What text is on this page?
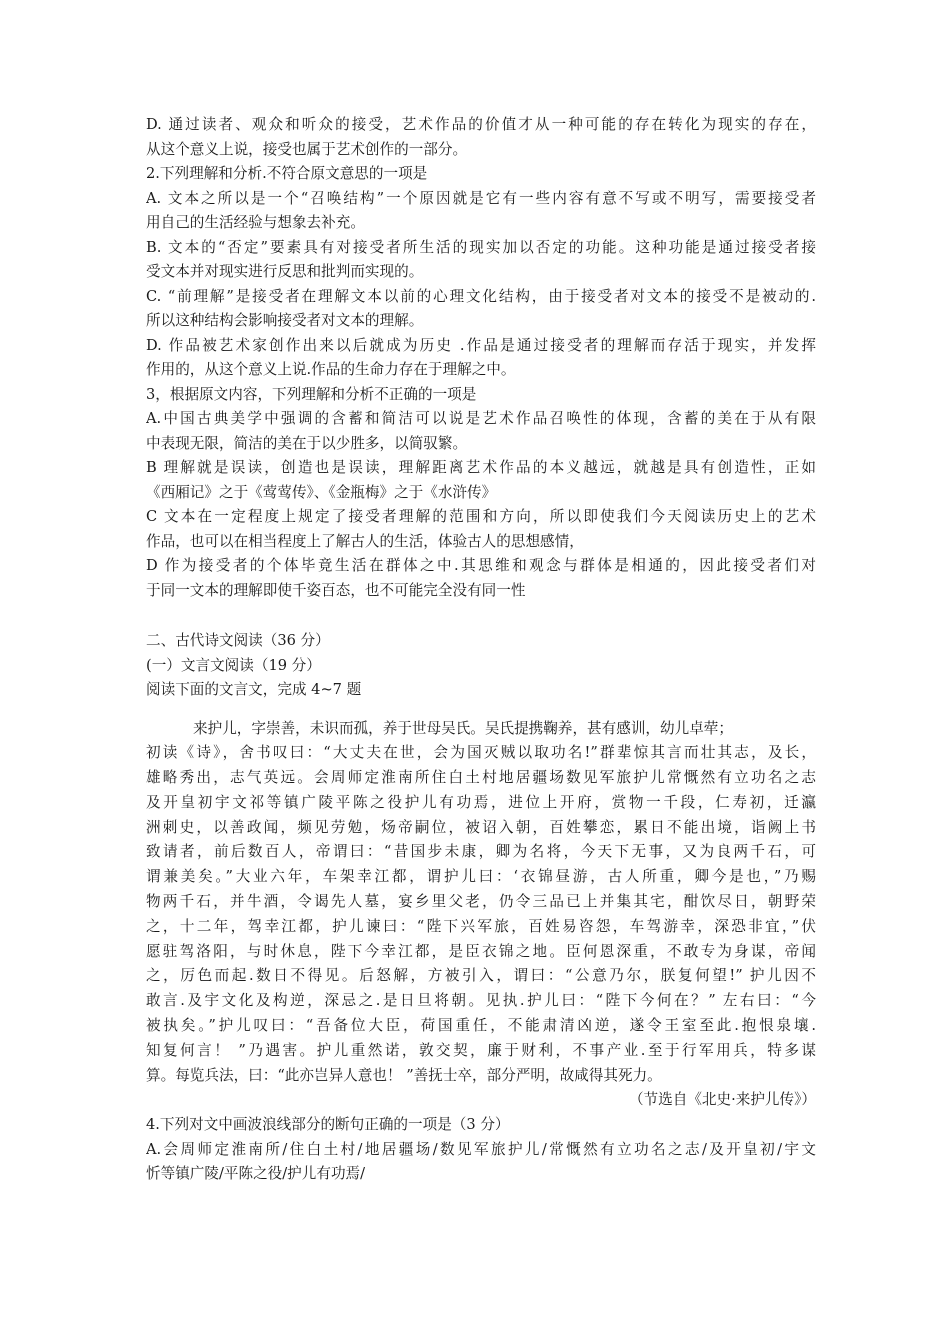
D. 通过读者、观众和听众的接受，艺术作品的价值才从一种可能的存在转化为现实的存在，
从这个意义上说，接受也属于艺术创作的一部分。
2.下列理解和分析.不符合原文意思的一项是
A. 文本之所以是一个“召唤结构”一个原因就是它有一些内容有意不写或不明写，需要接受者
用自己的生活经验与想象去补充。
B. 文本的“否定”要素具有对接受者所生活的现实加以否定的功能。这种功能是通过接受者接
受文本并对现实进行反思和批判而实现的。
C. “前理解”是接受者在理解文本以前的心理文化结构，由于接受者对文本的接受不是被动的.
所以这种结构会影响接受者对文本的理解。
D. 作品被艺术家创作出来以后就成为历史 .作品是通过接受者的理解而存活于现实，并发挥
作用的，从这个意义上说.作品的生命力存在于理解之中。
3，根据原文内容，下列理解和分析不正确的一项是
A.中国古典美学中强调的含蓄和简洁可以说是艺术作品召唤性的体现，含蓄的美在于从有限
中表现无限，简洁的美在于以少胜多，以简驭繁。
B 理解就是误读，创造也是误读，理解距离艺术作品的本义越远，就越是具有创造性，正如
《西厢记》之于《莺莺传》、《金瓶梅》之于《水浒传》
C 文本在一定程度上规定了接受者理解的范围和方向，所以即使我们今天阅读历史上的艺术
作品，也可以在相当程度上了解古人的生活，体验古人的思想感情，
D 作为接受者的个体毕竟生活在群体之中.其思维和观念与群体是相通的，因此接受者们对
于同一文本的理解即使千姿百态，也不可能完全没有同一性
二、古代诗文阅读（36 分）
(一）文言文阅读（19 分）
阅读下面的文言文，完成 4~7 题
来护儿，字崇善，未识而孤，养于世母吴氏。吴氏提携鞠养，甚有感训，幼儿卓荦；
初读《诗》，舍书叹曰：“大丈夫在世，会为国灭贼以取功名!”群辈惊其言而壮其志，及长，
雄略秀出，志气英远。会周师定淮南所住白土村地居疆场数见军旅护儿常慨然有立功名之志
及开皇初宇文祁等镇广陵平陈之役护儿有功焉，进位上开府，赏物一千段，仁寿初，迁瀛
洲刺史，以善政闻，频见劳勉，炀帝嗣位，被诏入朝，百姓攀恋，累日不能出境，诣阙上书
致请者，前后数百人，帝谓曰：“昔国步未康，卿为名将，今天下无事，又为良两千石，可
谓兼美矣。”大业六年，车架幸江都，谓护儿曰：‘衣锦昼游，古人所重，卿今是也，”乃赐
物两千石，并牛酒，令谒先人墓，宴乡里父老，仍令三品已上并集其宅，酣饮尽日，朝野荣
之，十二年，驾幸江都，护儿谏曰：“陛下兴军旅，百姓易咨怨，车驾游幸，深恐非宜，”伏
愿驻驾洛阳，与时休息，陛下今幸江都，是臣衣锦之地。臣何恩深重，不敢专为身谋，帝闻
之，厉色而起.数日不得见。后怒解，方被引入，谓曰：“公意乃尔，朕复何望!” 护儿因不
敢言.及宇文化及构逆，深忌之.是日旦将朝。见执.护儿曰：“陛下今何在？” 左右曰：“今
被执矣。”护儿叹曰：“吾备位大臣，荷国重任，不能肃清凶逆，遂令王室至此.抱恨泉壤.
知复何言！ ”乃遇害。护儿重然诺，敦交契，廉于财利，不事产业.至于行军用兵，特多谋
算。每览兵法，曰：“此亦岂异人意也！ ”善抚士卒，部分严明，故咸得其死力。
（节选自《北史·来护儿传》）
4.下列对文中画波浪线部分的断句正确的一项是（3 分）
A.会周师定淮南所/住白土村/地居疆场/数见军旅护儿/常慨然有立功名之志/及开皇初/宇文
忻等镇广陵/平陈之役/护儿有功焉/
